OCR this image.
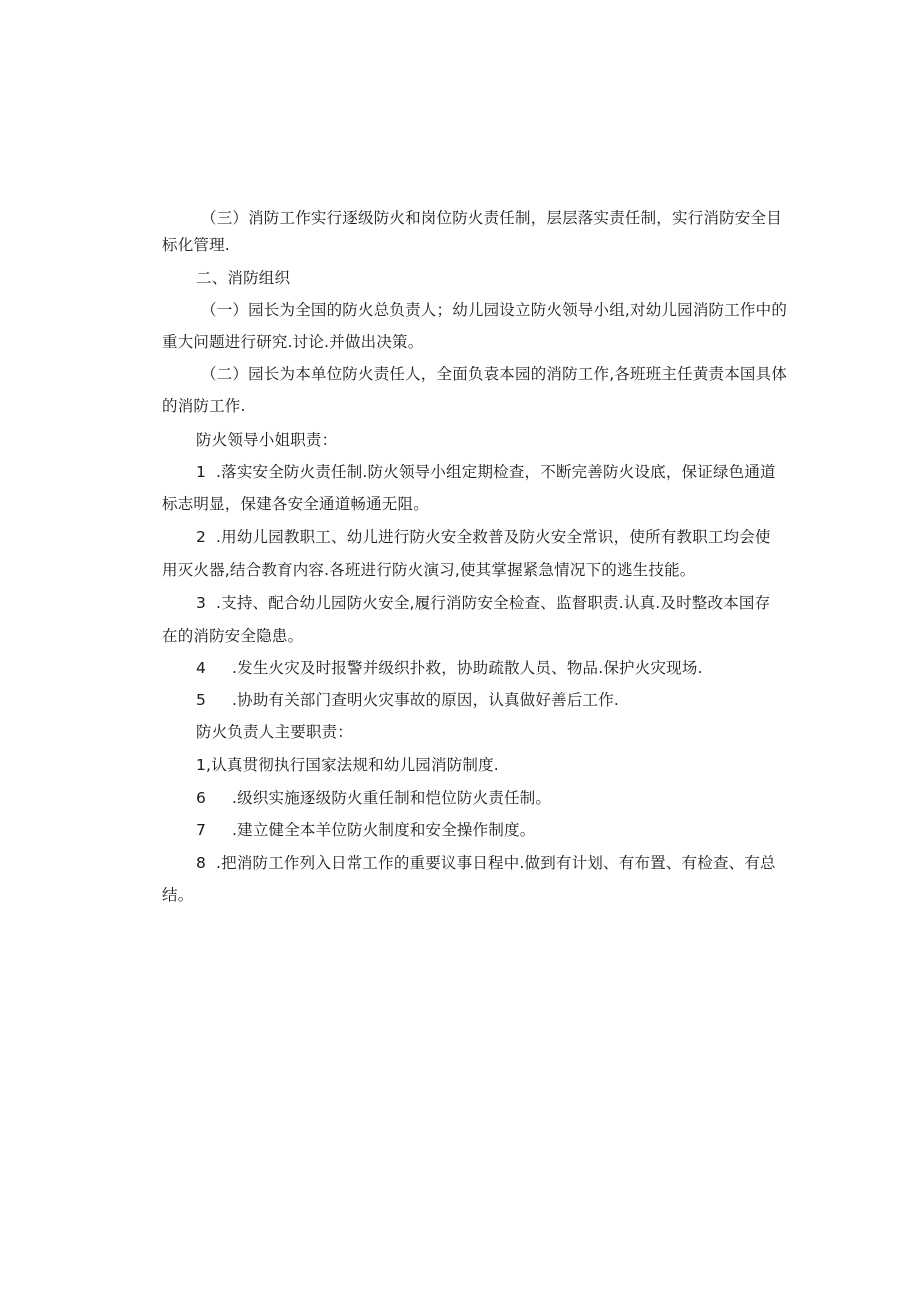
（三）消防工作实行逐级防火和岗位防火责任制，层层落实责任制，实行消防安全目
标化管理.
二、消防组织
（一）园长为全国的防火总负责人；幼儿园设立防火领导小组,对幼儿园消防工作中的
重大问题进行研究.讨论.并做出决策。
（二）园长为本单位防火责任人，全面负袁本园的消防工作,各班班主任黄责本国具体
的消防工作.
防火领导小姐职责：
1 .落实安全防火责任制.防火领导小组定期检查，不断完善防火设底，保证绿色通道
标志明显，保建各安全通道畅通无阻。
2 .用幼儿园教职工、幼儿进行防火安全救普及防火安全常识，使所有教职工均会使
用灭火器,结合教育内容.各班进行防火演习,使其掌握紧急情况下的逃生技能。
3 .支持、配合幼儿园防火安全,履行消防安全检查、监督职责.认真.及时整改本国存
在的消防安全隐患。
4 .发生火灾及时报警并级织扑救，协助疏散人员、物品.保护火灾现场.
5 .协助有关部门查明火灾事故的原因，认真做好善后工作.
防火负责人主要职责：
1,认真贯彻执行国家法规和幼儿园消防制度.
6 .级织实施逐级防火重任制和恺位防火责任制。
7 .建立健全本羊位防火制度和安全操作制度。
8 .把消防工作列入日常工作的重要议事日程中.做到有计划、有布置、有检查、有总
结。
